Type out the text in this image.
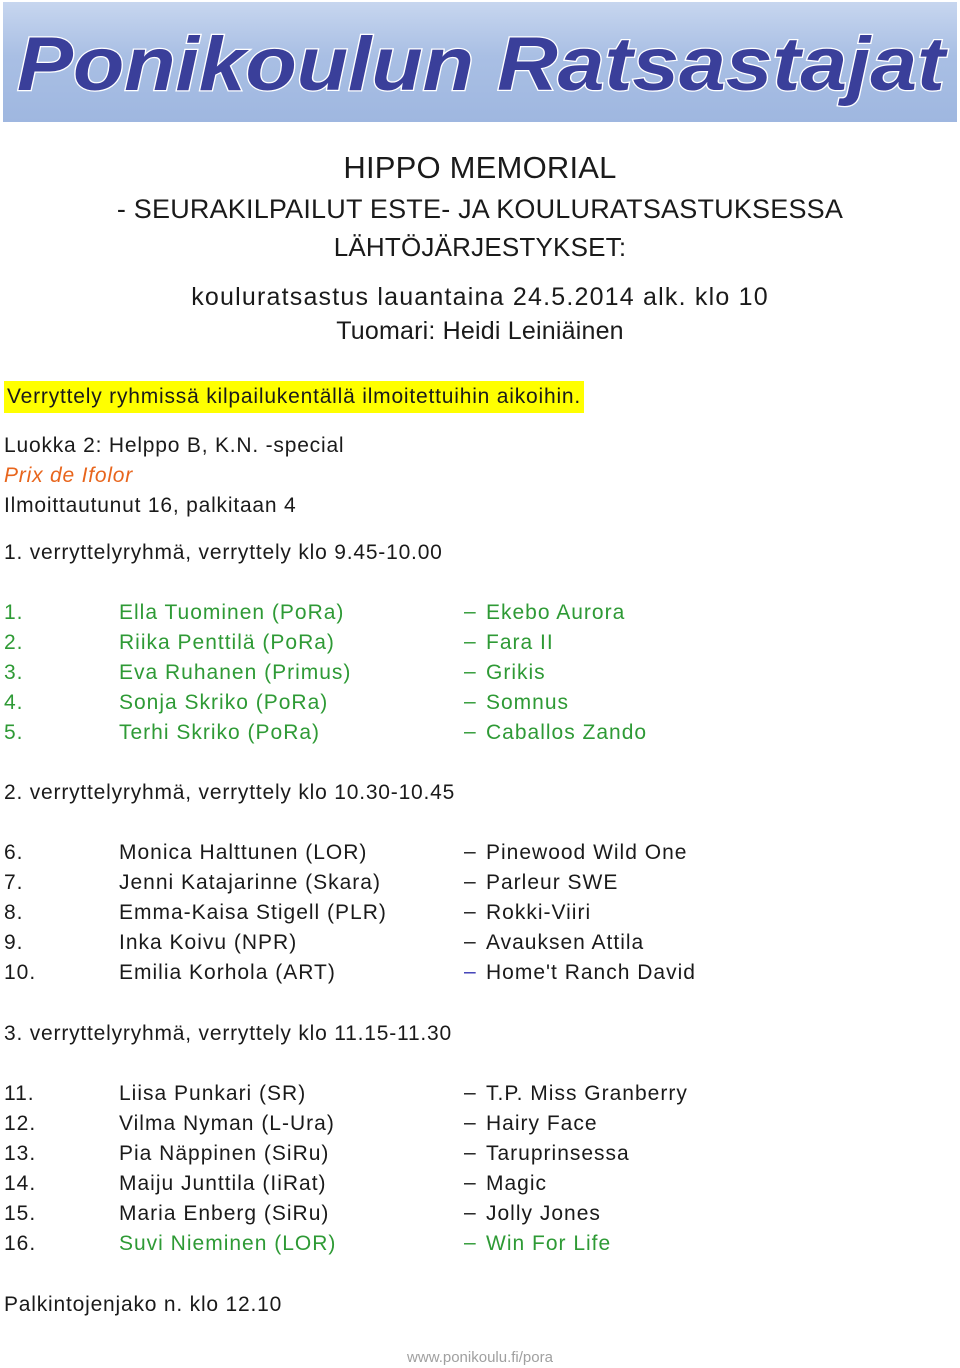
Ponikoulun Ratsastajat
HIPPO MEMORIAL
- SEURAKILPAILUT ESTE- JA KOULURATSASTUKSESSA
LÄHTÖJÄRJESTYKSET:
kouluratsastus lauantaina 24.5.2014 alk. klo 10
Tuomari: Heidi Leiniäinen
Verryttely ryhmissä kilpailukentällä ilmoitettuihin aikoihin.
Luokka 2: Helppo B, K.N. -special
Prix de Ifolor
Ilmoittautunut 16, palkitaan 4
1. verryttelyryhmä, verryttely klo 9.45-10.00
1.	Ella Tuominen (PoRa)	– Ekebo Aurora
2.	Riika Penttilä (PoRa)	– Fara II
3.	Eva Ruhanen (Primus)	– Grikis
4.	Sonja Skriko (PoRa)	– Somnus
5.	Terhi Skriko (PoRa)	– Caballos Zando
2. verryttelyryhmä, verryttely klo 10.30-10.45
6.	Monica Halttunen (LOR)	– Pinewood Wild One
7.	Jenni Katajarinne (Skara)	– Parleur SWE
8.	Emma-Kaisa Stigell (PLR)	– Rokki-Viiri
9.	Inka Koivu (NPR)	– Avauksen Attila
10.	Emilia Korhola (ART)	– Home't Ranch David
3. verryttelyryhmä, verryttely klo 11.15-11.30
11.	Liisa Punkari (SR)	– T.P. Miss Granberry
12.	Vilma Nyman (L-Ura)	– Hairy Face
13.	Pia Näppinen (SiRu)	– Taruprinsessa
14.	Maiju Junttila (IiRat)	– Magic
15.	Maria Enberg (SiRu)	– Jolly Jones
16.	Suvi Nieminen (LOR)	– Win For Life
Palkintojenjako n. klo 12.10
www.ponikoulu.fi/pora
